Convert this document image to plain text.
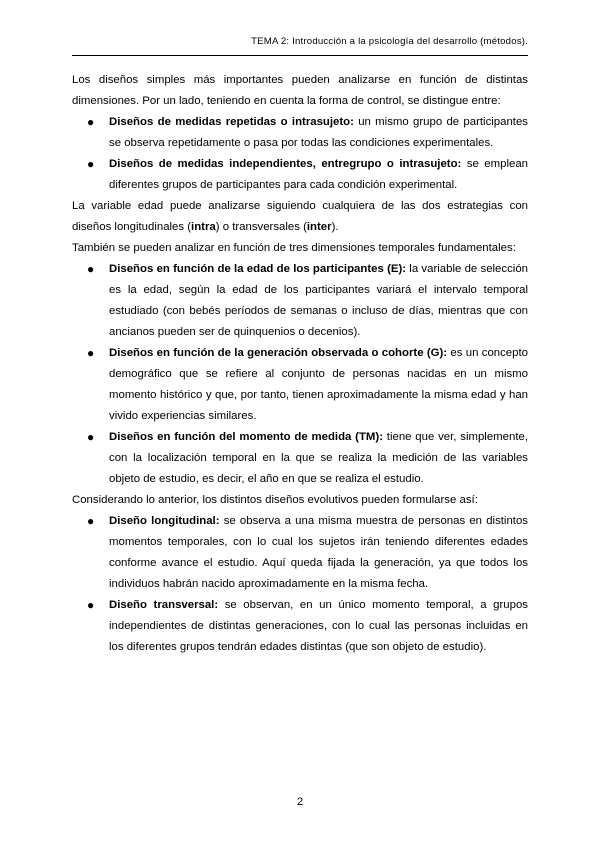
TEMA 2: Introducción a la psicología del desarrollo (métodos).

Los diseños simples más importantes pueden analizarse en función de distintas dimensiones. Por un lado, teniendo en cuenta la forma de control, se distingue entre:

● Diseños de medidas repetidas o intrasujeto: un mismo grupo de participantes se observa repetidamente o pasa por todas las condiciones experimentales.
● Diseños de medidas independientes, entregrupo o intrasujeto: se emplean diferentes grupos de participantes para cada condición experimental.

La variable edad puede analizarse siguiendo cualquiera de las dos estrategias con diseños longitudinales (intra) o transversales (inter).

También se pueden analizar en función de tres dimensiones temporales fundamentales:

● Diseños en función de la edad de los participantes (E): la variable de selección es la edad, según la edad de los participantes variará el intervalo temporal estudiado (con bebés períodos de semanas o incluso de días, mientras que con ancianos pueden ser de quinquenios o decenios).
● Diseños en función de la generación observada o cohorte (G): es un concepto demográfico que se refiere al conjunto de personas nacidas en un mismo momento histórico y que, por tanto, tienen aproximadamente la misma edad y han vivido experiencias similares.
● Diseños en función del momento de medida (TM): tiene que ver, simplemente, con la localización temporal en la que se realiza la medición de las variables objeto de estudio, es decir, el año en que se realiza el estudio.

Considerando lo anterior, los distintos diseños evolutivos pueden formularse así:

● Diseño longitudinal: se observa a una misma muestra de personas en distintos momentos temporales, con lo cual los sujetos irán teniendo diferentes edades conforme avance el estudio. Aquí queda fijada la generación, ya que todos los individuos habrán nacido aproximadamente en la misma fecha.
● Diseño transversal: se observan, en un único momento temporal, a grupos independientes de distintas generaciones, con lo cual las personas incluidas en los diferentes grupos tendrán edades distintas (que son objeto de estudio).
2
